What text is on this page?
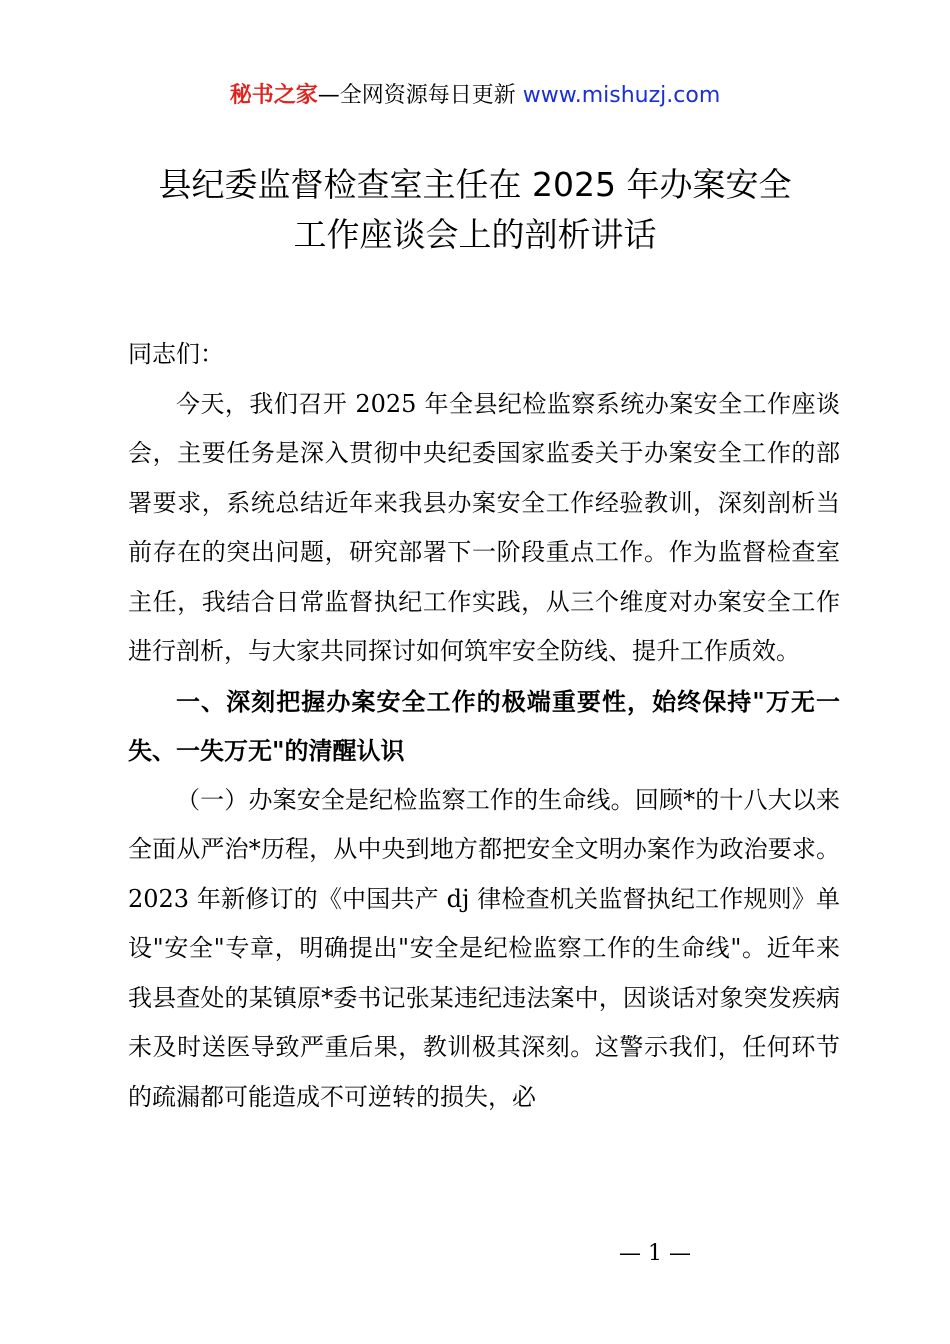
秘书之家—全网资源每日更新 www.mishuzj.com
县纪委监督检查室主任在 2025 年办案安全
工作座谈会上的剖析讲话

同志们：

今天，我们召开 2025 年全县纪检监察系统办案安全工作座谈会，主要任务是深入贯彻中央纪委国家监委关于办案安全工作的部署要求，系统总结近年来我县办案安全工作经验教训，深刻剖析当前存在的突出问题，研究部署下一阶段重点工作。作为监督检查室主任，我结合日常监督执纪工作实践，从三个维度对办案安全工作进行剖析，与大家共同探讨如何筑牢安全防线、提升工作质效。

一、深刻把握办案安全工作的极端重要性，始终保持"万无一失、一失万无"的清醒认识

（一）办案安全是纪检监察工作的生命线。回顾*的十八大以来全面从严治*历程，从中央到地方都把安全文明办案作为政治要求。2023 年新修订的《中国共产 dj 律检查机关监督执纪工作规则》单设"安全"专章，明确提出"安全是纪检监察工作的生命线"。近年来我县查处的某镇原*委书记张某违纪违法案中，因谈话对象突发疾病未及时送医导致严重后果，教训极其深刻。这警示我们，任何环节的疏漏都可能造成不可逆转的损失，必

— 1 —
